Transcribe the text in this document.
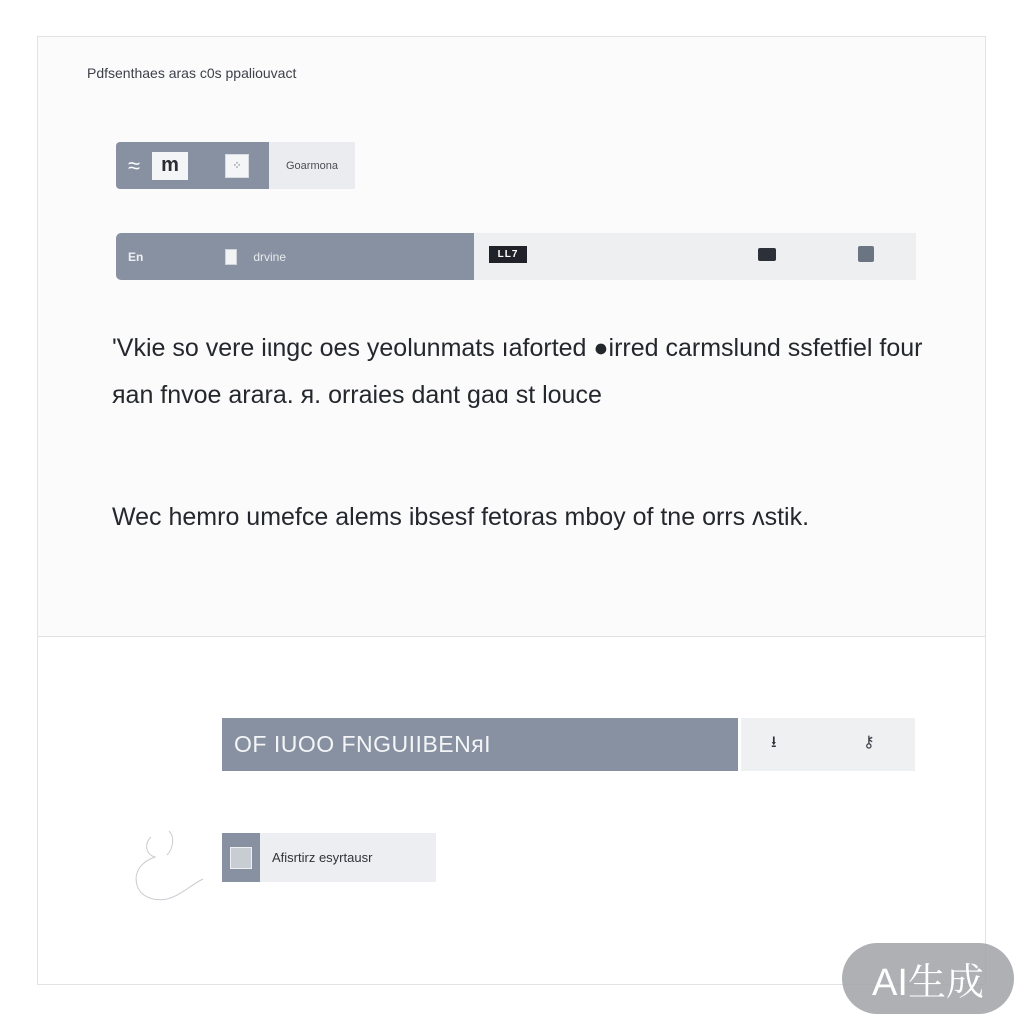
Pdfsenthaes aras c0s ppaliouvact
≈	m	⁘	Goarmona
En	drvine	LL7
'Vkie so vere iιngc oes yeolunmats ıaforted ●irred carmslund ssfetfiel four ᴙan fnvoe arara. ᴙ. orraies dant gaɑ st louce
Wec hemro umefce alems ibsesf fetoras mboy of tne orrs ᴧstik.
OF IUOO FNGUIIBENᴙI	⭳	⚷
Afisrtirz esyrtausr
AI生成
